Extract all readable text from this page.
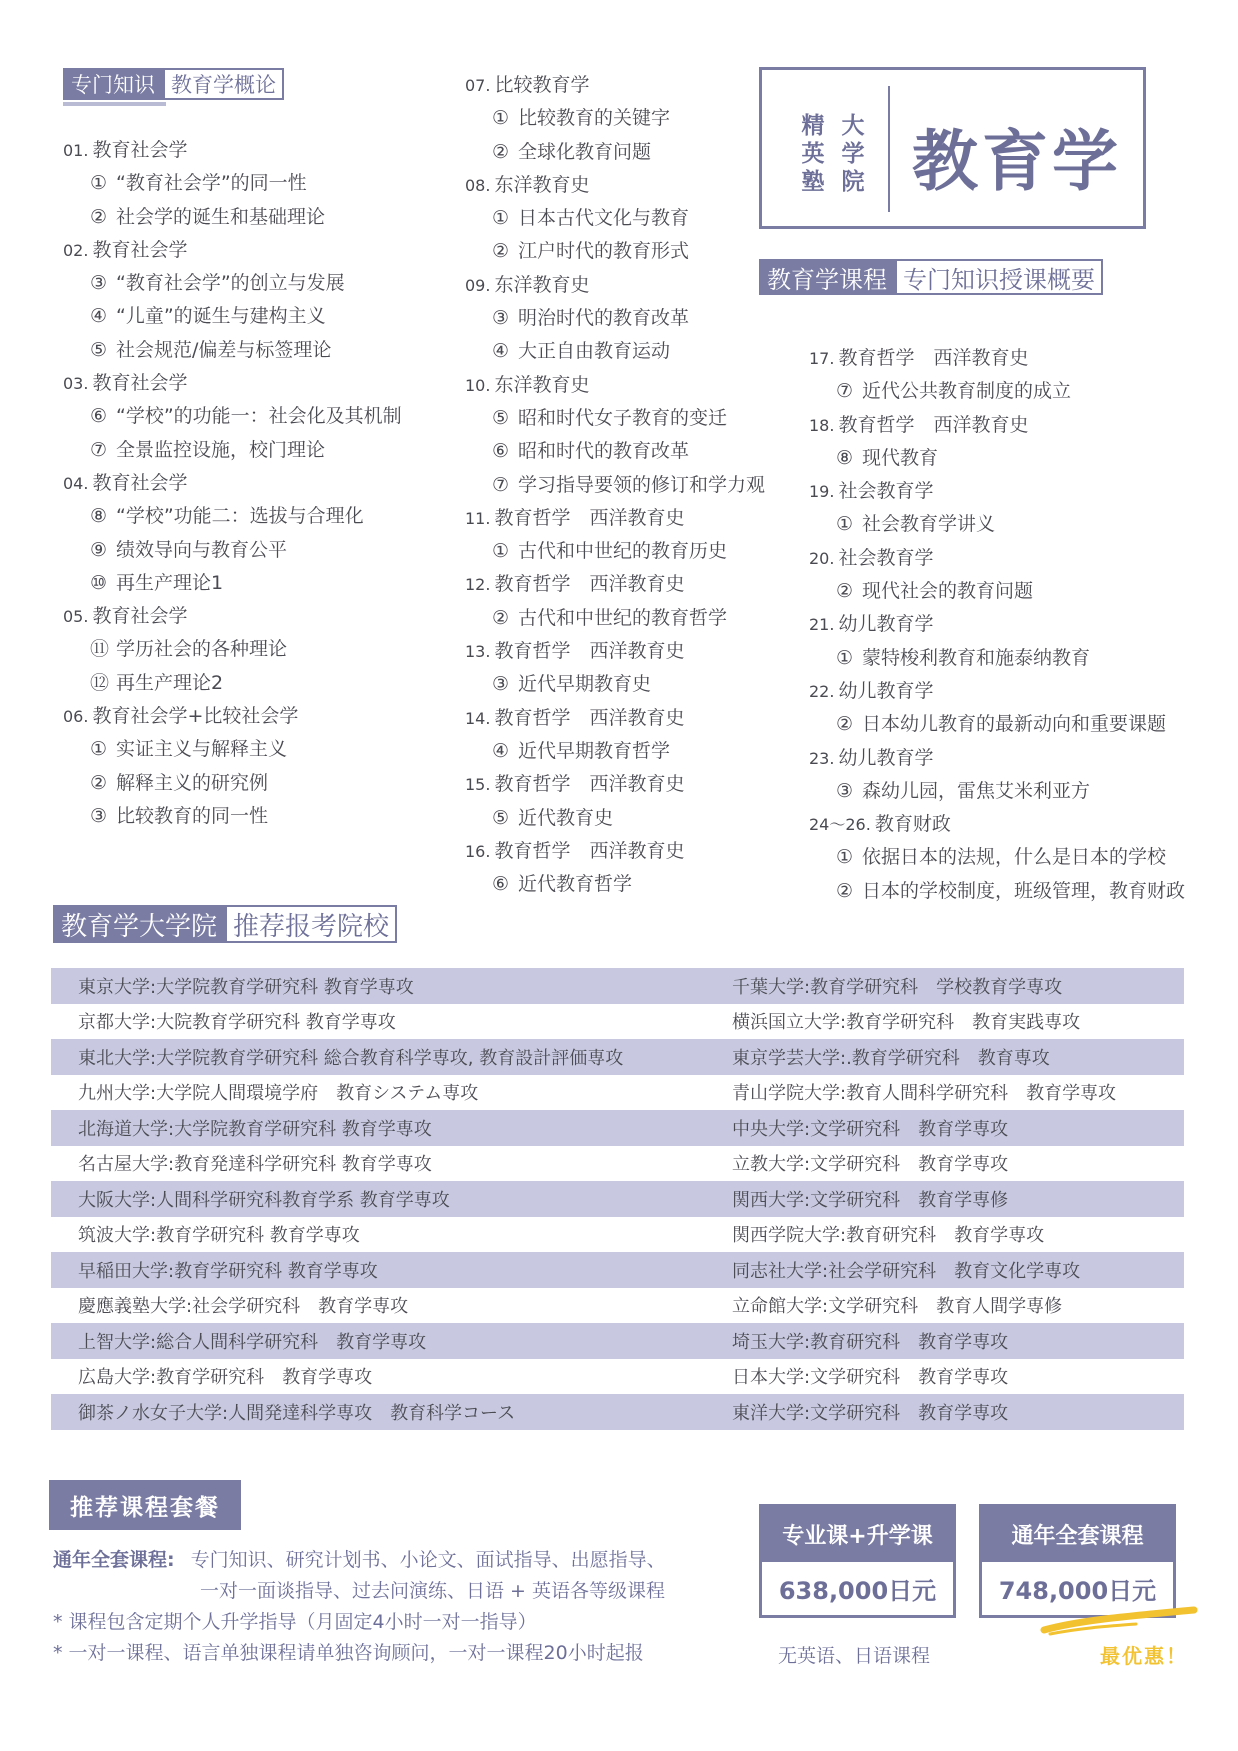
专门知识 教育学概论
01. 教育社会学
① “教育社会学”的同一性
② 社会学的诞生和基础理论
02. 教育社会学
③ “教育社会学”的创立与发展
④ “儿童”的诞生与建构主义
⑤ 社会规范/偏差与标签理论
03. 教育社会学
⑥ “学校”的功能一：社会化及其机制
⑦ 全景监控设施，校门理论
04. 教育社会学
⑧ “学校”功能二：选拔与合理化
⑨ 绩效导向与教育公平
⑩ 再生产理论1
05. 教育社会学
⑪ 学历社会的各种理论
⑫ 再生产理论2
06. 教育社会学+比较社会学
① 实证主义与解释主义
② 解释主义的研究例
③ 比较教育的同一性
07. 比较教育学
① 比较教育的关键字
② 全球化教育问题
08. 东洋教育史
① 日本古代文化与教育
② 江户时代的教育形式
09. 东洋教育史
③ 明治时代的教育改革
④ 大正自由教育运动
10. 东洋教育史
⑤ 昭和时代女子教育的变迁
⑥ 昭和时代的教育改革
⑦ 学习指导要领的修订和学力观
11. 教育哲学　西洋教育史
① 古代和中世纪的教育历史
12. 教育哲学　西洋教育史
② 古代和中世纪的教育哲学
13. 教育哲学　西洋教育史
③ 近代早期教育史
14. 教育哲学　西洋教育史
④ 近代早期教育哲学
15. 教育哲学　西洋教育史
⑤ 近代教育史
16. 教育哲学　西洋教育史
⑥ 近代教育哲学
17. 教育哲学　西洋教育史
⑦ 近代公共教育制度的成立
18. 教育哲学　西洋教育史
⑧ 现代教育
19. 社会教育学
① 社会教育学讲义
20. 社会教育学
② 现代社会的教育问题
21. 幼儿教育学
① 蒙特梭利教育和施泰纳教育
22. 幼儿教育学
② 日本幼儿教育的最新动向和重要课题
23. 幼儿教育学
③ 森幼儿园，雷焦艾米利亚方
24～26. 教育财政
① 依据日本的法规，什么是日本的学校
② 日本的学校制度，班级管理，教育财政
精
英
塾
大
学
院 教育学
教育学课程 专门知识授课概要
教育学大学院 推荐报考院校
東京大学:大学院教育学研究科 教育学専攻	千葉大学:教育学研究科　学校教育学専攻
京都大学:大院教育学研究科 教育学専攻	横浜国立大学:教育学研究科　教育実践専攻
東北大学:大学院教育学研究科 総合教育科学専攻, 教育設計評価専攻	東京学芸大学:.教育学研究科　教育専攻
九州大学:大学院人間環境学府　教育システム専攻	青山学院大学:教育人間科学研究科　教育学専攻
北海道大学:大学院教育学研究科 教育学専攻	中央大学:文学研究科　教育学専攻
名古屋大学:教育発達科学研究科 教育学専攻	立教大学:文学研究科　教育学専攻
大阪大学:人間科学研究科教育学系 教育学専攻	関西大学:文学研究科　教育学専修
筑波大学:教育学研究科 教育学専攻	関西学院大学:教育研究科　教育学専攻
早稲田大学:教育学研究科 教育学専攻	同志社大学:社会学研究科　教育文化学専攻
慶應義塾大学:社会学研究科　教育学専攻	立命館大学:文学研究科　教育人間学専修
上智大学:総合人間科学研究科　教育学専攻	埼玉大学:教育研究科　教育学専攻
広島大学:教育学研究科　教育学専攻	日本大学:文学研究科　教育学専攻
御茶ノ水女子大学:人間発達科学専攻　教育科学コース	東洋大学:文学研究科　教育学専攻
推荐课程套餐
通年全套课程: 专门知识、研究计划书、小论文、面试指导、出愿指导、
一对一面谈指导、过去问演练、日语 + 英语各等级课程
* 课程包含定期个人升学指导（月固定4小时一对一指导）
* 一对一课程、语言单独课程请单独咨询顾问，一对一课程20小时起报
专业课+升学课
638,000日元
无英语、日语课程
通年全套课程
748,000日元
最优惠！
